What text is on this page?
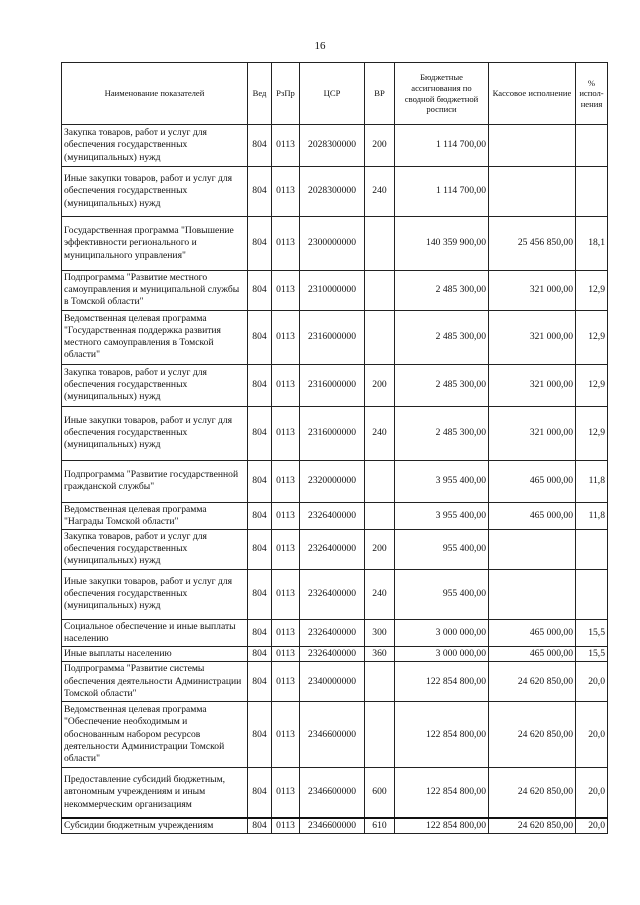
16
Наименование показателей	Вед	РзПр	ЦСР	ВР	Бюджетные ассигнования по сводной бюджетной росписи	Кассовое исполнение	% испол-нения
Закупка товаров, работ и услуг для обеспечения государственных (муниципальных) нужд	804	0113	2028300000	200	1 114 700,00		
Иные закупки товаров, работ и услуг для обеспечения государственных (муниципальных) нужд	804	0113	2028300000	240	1 114 700,00		
Государственная программа "Повышение эффективности регионального и муниципального управления"	804	0113	2300000000		140 359 900,00	25 456 850,00	18,1
Подпрограмма "Развитие местного самоуправления и муниципальной службы в Томской области"	804	0113	2310000000		2 485 300,00	321 000,00	12,9
Ведомственная целевая программа "Государственная поддержка развития местного самоуправления в Томской области"	804	0113	2316000000		2 485 300,00	321 000,00	12,9
Закупка товаров, работ и услуг для обеспечения государственных (муниципальных) нужд	804	0113	2316000000	200	2 485 300,00	321 000,00	12,9
Иные закупки товаров, работ и услуг для обеспечения государственных (муниципальных) нужд	804	0113	2316000000	240	2 485 300,00	321 000,00	12,9
Подпрограмма "Развитие государственной гражданской службы"	804	0113	2320000000		3 955 400,00	465 000,00	11,8
Ведомственная целевая программа "Награды Томской области"	804	0113	2326400000		3 955 400,00	465 000,00	11,8
Закупка товаров, работ и услуг для обеспечения государственных (муниципальных) нужд	804	0113	2326400000	200	955 400,00		
Иные закупки товаров, работ и услуг для обеспечения государственных (муниципальных) нужд	804	0113	2326400000	240	955 400,00		
Социальное обеспечение и иные выплаты населению	804	0113	2326400000	300	3 000 000,00	465 000,00	15,5
Иные выплаты населению	804	0113	2326400000	360	3 000 000,00	465 000,00	15,5
Подпрограмма "Развитие системы обеспечения деятельности Администрации Томской области"	804	0113	2340000000		122 854 800,00	24 620 850,00	20,0
Ведомственная целевая программа "Обеспечение необходимым и обоснованным набором ресурсов деятельности Администрации Томской области"	804	0113	2346600000		122 854 800,00	24 620 850,00	20,0
Предоставление субсидий бюджетным, автономным учреждениям и иным некоммерческим организациям	804	0113	2346600000	600	122 854 800,00	24 620 850,00	20,0
Субсидии бюджетным учреждениям	804	0113	2346600000	610	122 854 800,00	24 620 850,00	20,0
